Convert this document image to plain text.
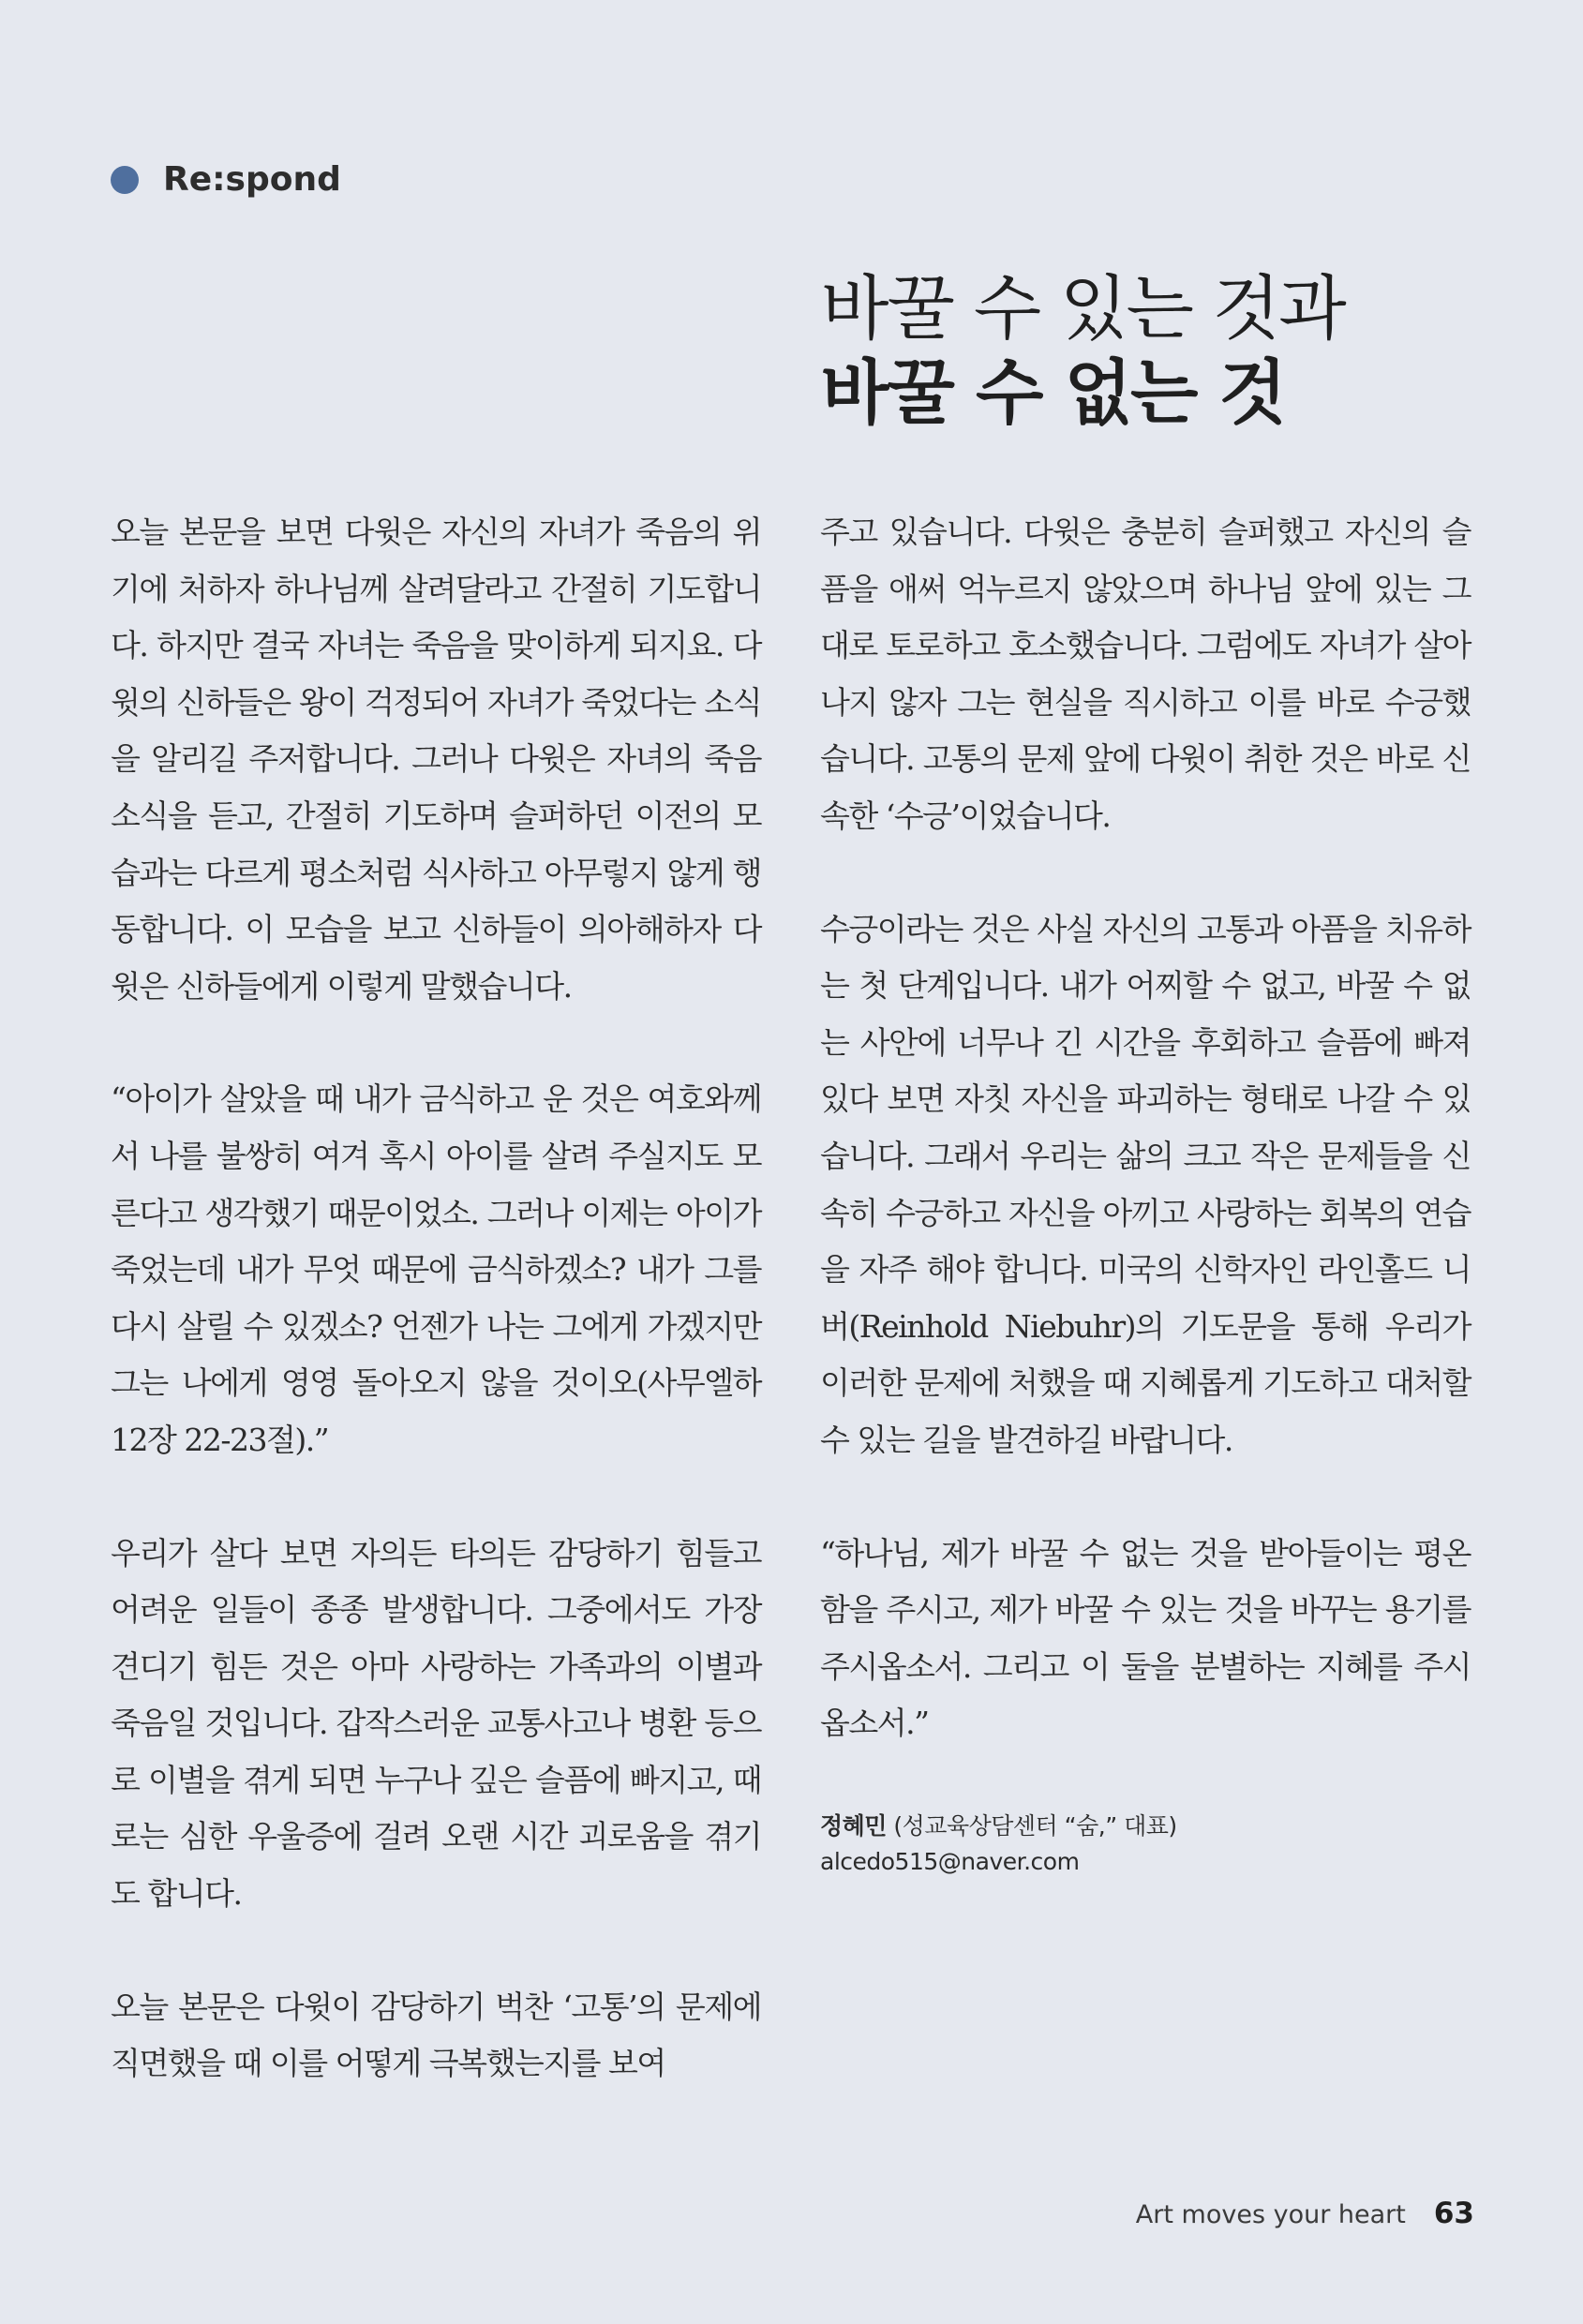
Re:spond
바꿀 수 있는 것과
바꿀 수 없는 것

오늘 본문을 보면 다윗은 자신의 자녀가 죽음의 위기에 처하자 하나님께 살려달라고 간절히 기도합니다. 하지만 결국 자녀는 죽음을 맞이하게 되지요. 다윗의 신하들은 왕이 걱정되어 자녀가 죽었다는 소식을 알리길 주저합니다. 그러나 다윗은 자녀의 죽음 소식을 듣고, 간절히 기도하며 슬퍼하던 이전의 모습과는 다르게 평소처럼 식사하고 아무렇지 않게 행동합니다. 이 모습을 보고 신하들이 의아해하자 다윗은 신하들에게 이렇게 말했습니다.

“아이가 살았을 때 내가 금식하고 운 것은 여호와께서 나를 불쌍히 여겨 혹시 아이를 살려 주실지도 모른다고 생각했기 때문이었소. 그러나 이제는 아이가 죽었는데 내가 무엇 때문에 금식하겠소? 내가 그를 다시 살릴 수 있겠소? 언젠가 나는 그에게 가겠지만 그는 나에게 영영 돌아오지 않을 것이오(사무엘하 12장 22-23절).”

우리가 살다 보면 자의든 타의든 감당하기 힘들고 어려운 일들이 종종 발생합니다. 그중에서도 가장 견디기 힘든 것은 아마 사랑하는 가족과의 이별과 죽음일 것입니다. 갑작스러운 교통사고나 병환 등으로 이별을 겪게 되면 누구나 깊은 슬픔에 빠지고, 때로는 심한 우울증에 걸려 오랜 시간 괴로움을 겪기도 합니다.

오늘 본문은 다윗이 감당하기 벅찬 ‘고통’의 문제에 직면했을 때 이를 어떻게 극복했는지를 보여

주고 있습니다. 다윗은 충분히 슬퍼했고 자신의 슬픔을 애써 억누르지 않았으며 하나님 앞에 있는 그대로 토로하고 호소했습니다. 그럼에도 자녀가 살아나지 않자 그는 현실을 직시하고 이를 바로 수긍했습니다. 고통의 문제 앞에 다윗이 취한 것은 바로 신속한 ‘수긍’이었습니다.

수긍이라는 것은 사실 자신의 고통과 아픔을 치유하는 첫 단계입니다. 내가 어찌할 수 없고, 바꿀 수 없는 사안에 너무나 긴 시간을 후회하고 슬픔에 빠져있다 보면 자칫 자신을 파괴하는 형태로 나갈 수 있습니다. 그래서 우리는 삶의 크고 작은 문제들을 신속히 수긍하고 자신을 아끼고 사랑하는 회복의 연습을 자주 해야 합니다. 미국의 신학자인 라인홀드 니버(Reinhold Niebuhr)의 기도문을 통해 우리가 이러한 문제에 처했을 때 지혜롭게 기도하고 대처할 수 있는 길을 발견하길 바랍니다.

“하나님, 제가 바꿀 수 없는 것을 받아들이는 평온함을 주시고, 제가 바꿀 수 있는 것을 바꾸는 용기를 주시옵소서. 그리고 이 둘을 분별하는 지혜를 주시옵소서.”

정혜민 (성교육상담센터 “숨,” 대표)
alcedo515@naver.com
Art moves your heart 63
